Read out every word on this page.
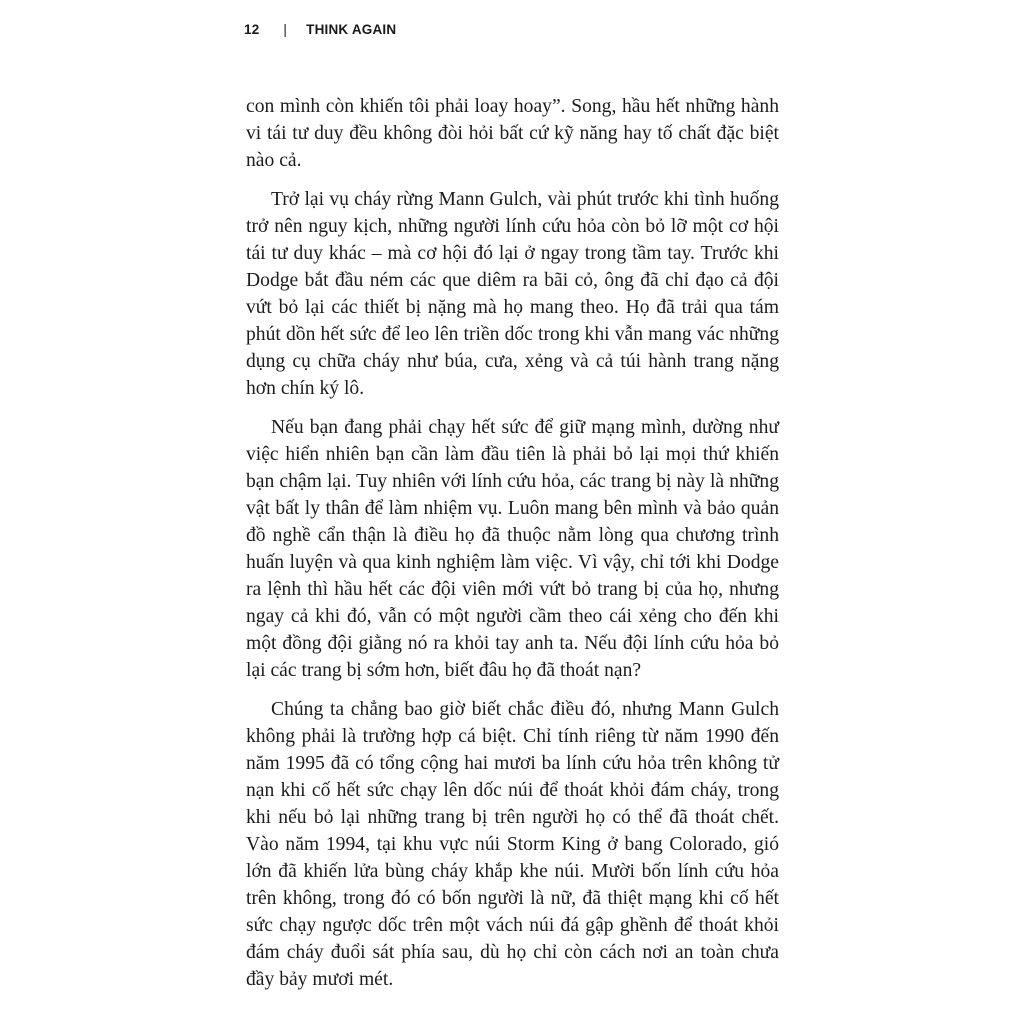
12 | THINK AGAIN

con mình còn khiến tôi phải loay hoay”. Song, hầu hết những hành vi tái tư duy đều không đòi hỏi bất cứ kỹ năng hay tố chất đặc biệt nào cả.

Trở lại vụ cháy rừng Mann Gulch, vài phút trước khi tình huống trở nên nguy kịch, những người lính cứu hỏa còn bỏ lỡ một cơ hội tái tư duy khác – mà cơ hội đó lại ở ngay trong tầm tay. Trước khi Dodge bắt đầu ném các que diêm ra bãi cỏ, ông đã chỉ đạo cả đội vứt bỏ lại các thiết bị nặng mà họ mang theo. Họ đã trải qua tám phút dồn hết sức để leo lên triền dốc trong khi vẫn mang vác những dụng cụ chữa cháy như búa, cưa, xẻng và cả túi hành trang nặng hơn chín ký lô.

Nếu bạn đang phải chạy hết sức để giữ mạng mình, dường như việc hiển nhiên bạn cần làm đầu tiên là phải bỏ lại mọi thứ khiến bạn chậm lại. Tuy nhiên với lính cứu hỏa, các trang bị này là những vật bất ly thân để làm nhiệm vụ. Luôn mang bên mình và bảo quản đồ nghề cẩn thận là điều họ đã thuộc nằm lòng qua chương trình huấn luyện và qua kinh nghiệm làm việc. Vì vậy, chỉ tới khi Dodge ra lệnh thì hầu hết các đội viên mới vứt bỏ trang bị của họ, nhưng ngay cả khi đó, vẫn có một người cầm theo cái xẻng cho đến khi một đồng đội giằng nó ra khỏi tay anh ta. Nếu đội lính cứu hỏa bỏ lại các trang bị sớm hơn, biết đâu họ đã thoát nạn?

Chúng ta chẳng bao giờ biết chắc điều đó, nhưng Mann Gulch không phải là trường hợp cá biệt. Chỉ tính riêng từ năm 1990 đến năm 1995 đã có tổng cộng hai mươi ba lính cứu hỏa trên không tử nạn khi cố hết sức chạy lên dốc núi để thoát khỏi đám cháy, trong khi nếu bỏ lại những trang bị trên người họ có thể đã thoát chết. Vào năm 1994, tại khu vực núi Storm King ở bang Colorado, gió lớn đã khiến lửa bùng cháy khắp khe núi. Mười bốn lính cứu hỏa trên không, trong đó có bốn người là nữ, đã thiệt mạng khi cố hết sức chạy ngược dốc trên một vách núi đá gập ghềnh để thoát khỏi đám cháy đuổi sát phía sau, dù họ chỉ còn cách nơi an toàn chưa đầy bảy mươi mét.
